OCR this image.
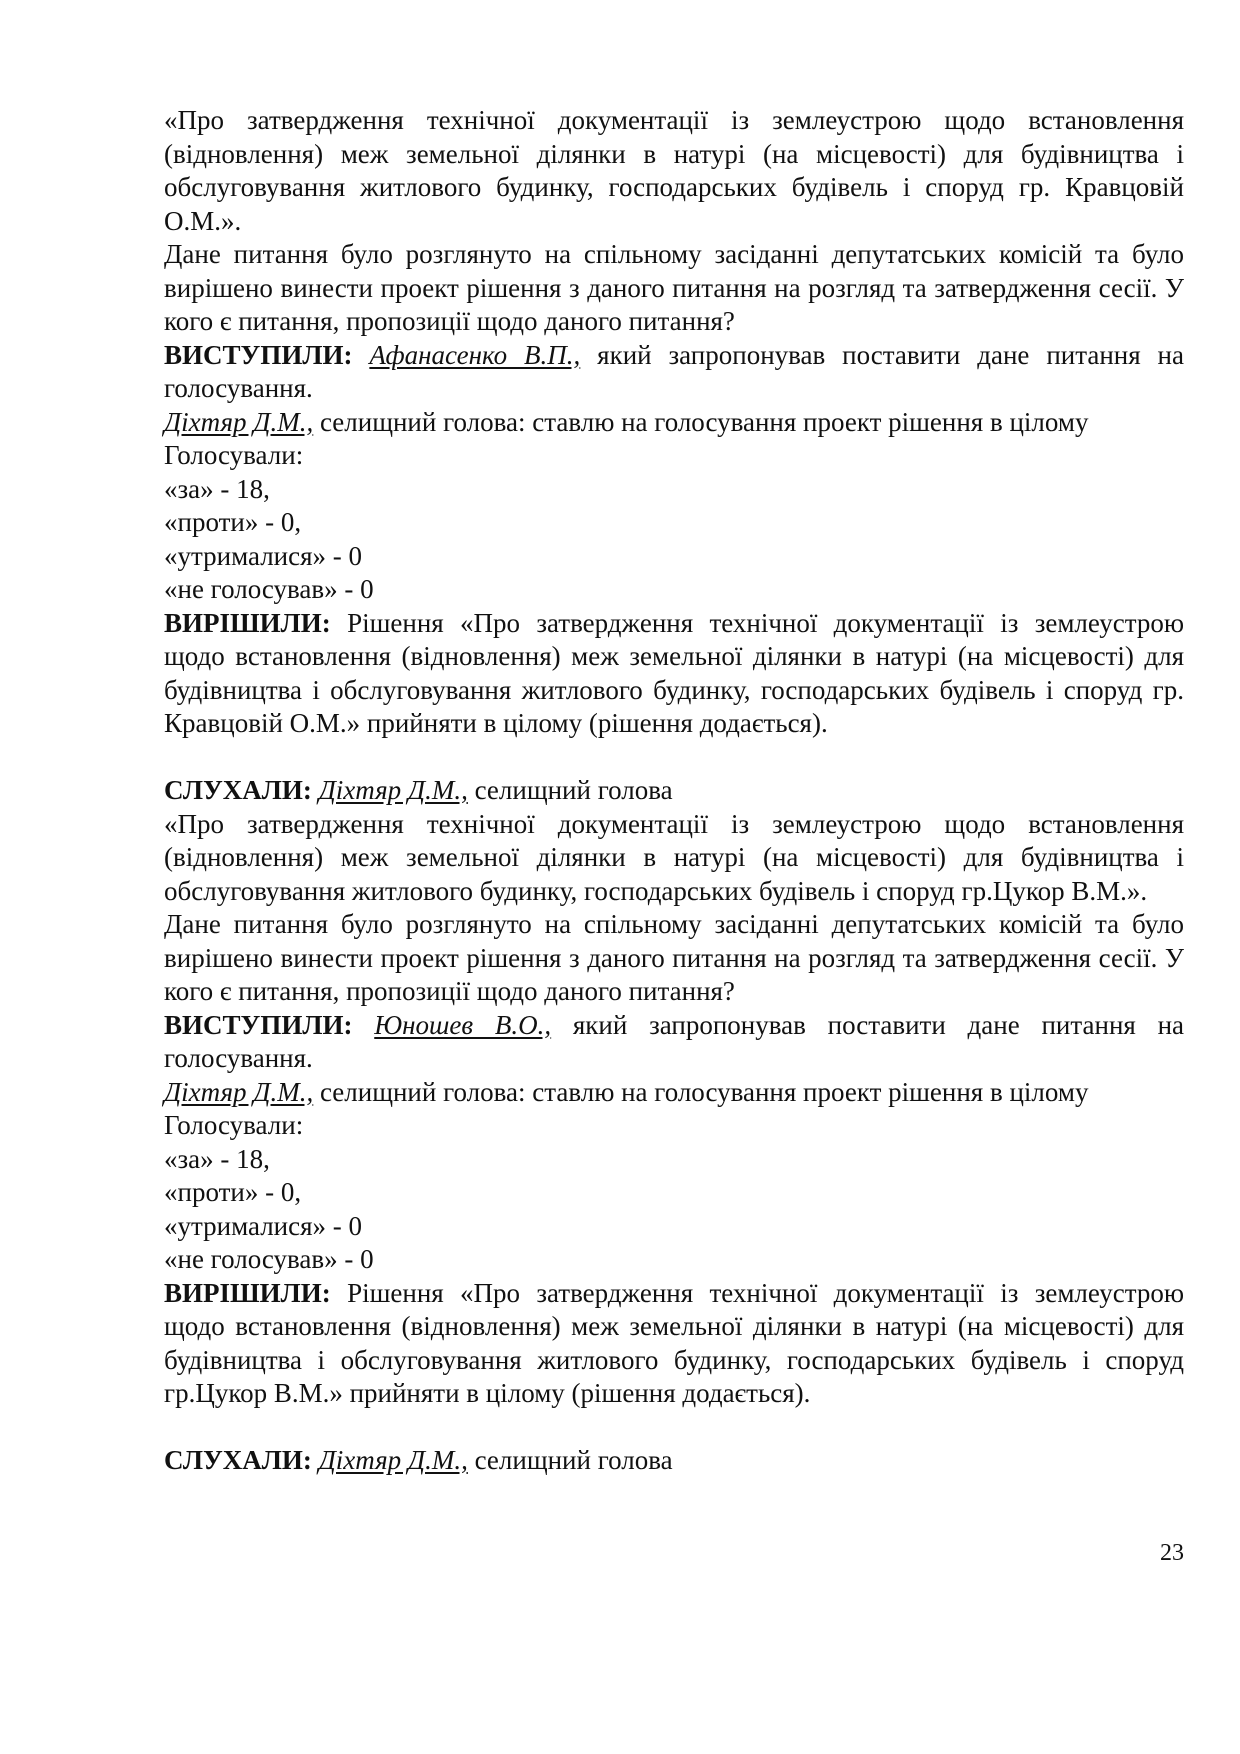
«Про затвердження технічної документації із землеустрою щодо встановлення (відновлення) меж земельної ділянки в натурі (на місцевості) для будівництва і обслуговування житлового будинку, господарських будівель і споруд гр. Кравцовій О.М.».

Дане питання було розглянуто на спільному засіданні депутатських комісій та було вирішено винести проект рішення з даного питання на розгляд та затвердження сесії. У кого є питання, пропозиції щодо даного питання?

ВИСТУПИЛИ: Афанасенко В.П., який запропонував поставити дане питання на голосування.

Діхтяр Д.М., селищний голова: ставлю на голосування проект рішення в цілому

Голосували:

«за» - 18,

«проти» - 0,

«утрималися» - 0

«не голосував» - 0

ВИРІШИЛИ: Рішення «Про затвердження технічної документації із землеустрою щодо встановлення (відновлення) меж земельної ділянки в натурі (на місцевості) для будівництва і обслуговування житлового будинку, господарських будівель і споруд гр. Кравцовій О.М.» прийняти в цілому (рішення додається).

СЛУХАЛИ: Діхтяр Д.М., селищний голова

«Про затвердження технічної документації із землеустрою щодо встановлення (відновлення) меж земельної ділянки в натурі (на місцевості) для будівництва і обслуговування житлового будинку, господарських будівель і споруд гр.Цукор В.М.».

Дане питання було розглянуто на спільному засіданні депутатських комісій та було вирішено винести проект рішення з даного питання на розгляд та затвердження сесії. У кого є питання, пропозиції щодо даного питання?

ВИСТУПИЛИ: Юношев В.О., який запропонував поставити дане питання на голосування.

Діхтяр Д.М., селищний голова: ставлю на голосування проект рішення в цілому

Голосували:

«за» - 18,

«проти» - 0,

«утрималися» - 0

«не голосував» - 0

ВИРІШИЛИ: Рішення «Про затвердження технічної документації із землеустрою щодо встановлення (відновлення) меж земельної ділянки в натурі (на місцевості) для будівництва і обслуговування житлового будинку, господарських будівель і споруд гр.Цукор В.М.» прийняти в цілому (рішення додається).

СЛУХАЛИ: Діхтяр Д.М., селищний голова

23
